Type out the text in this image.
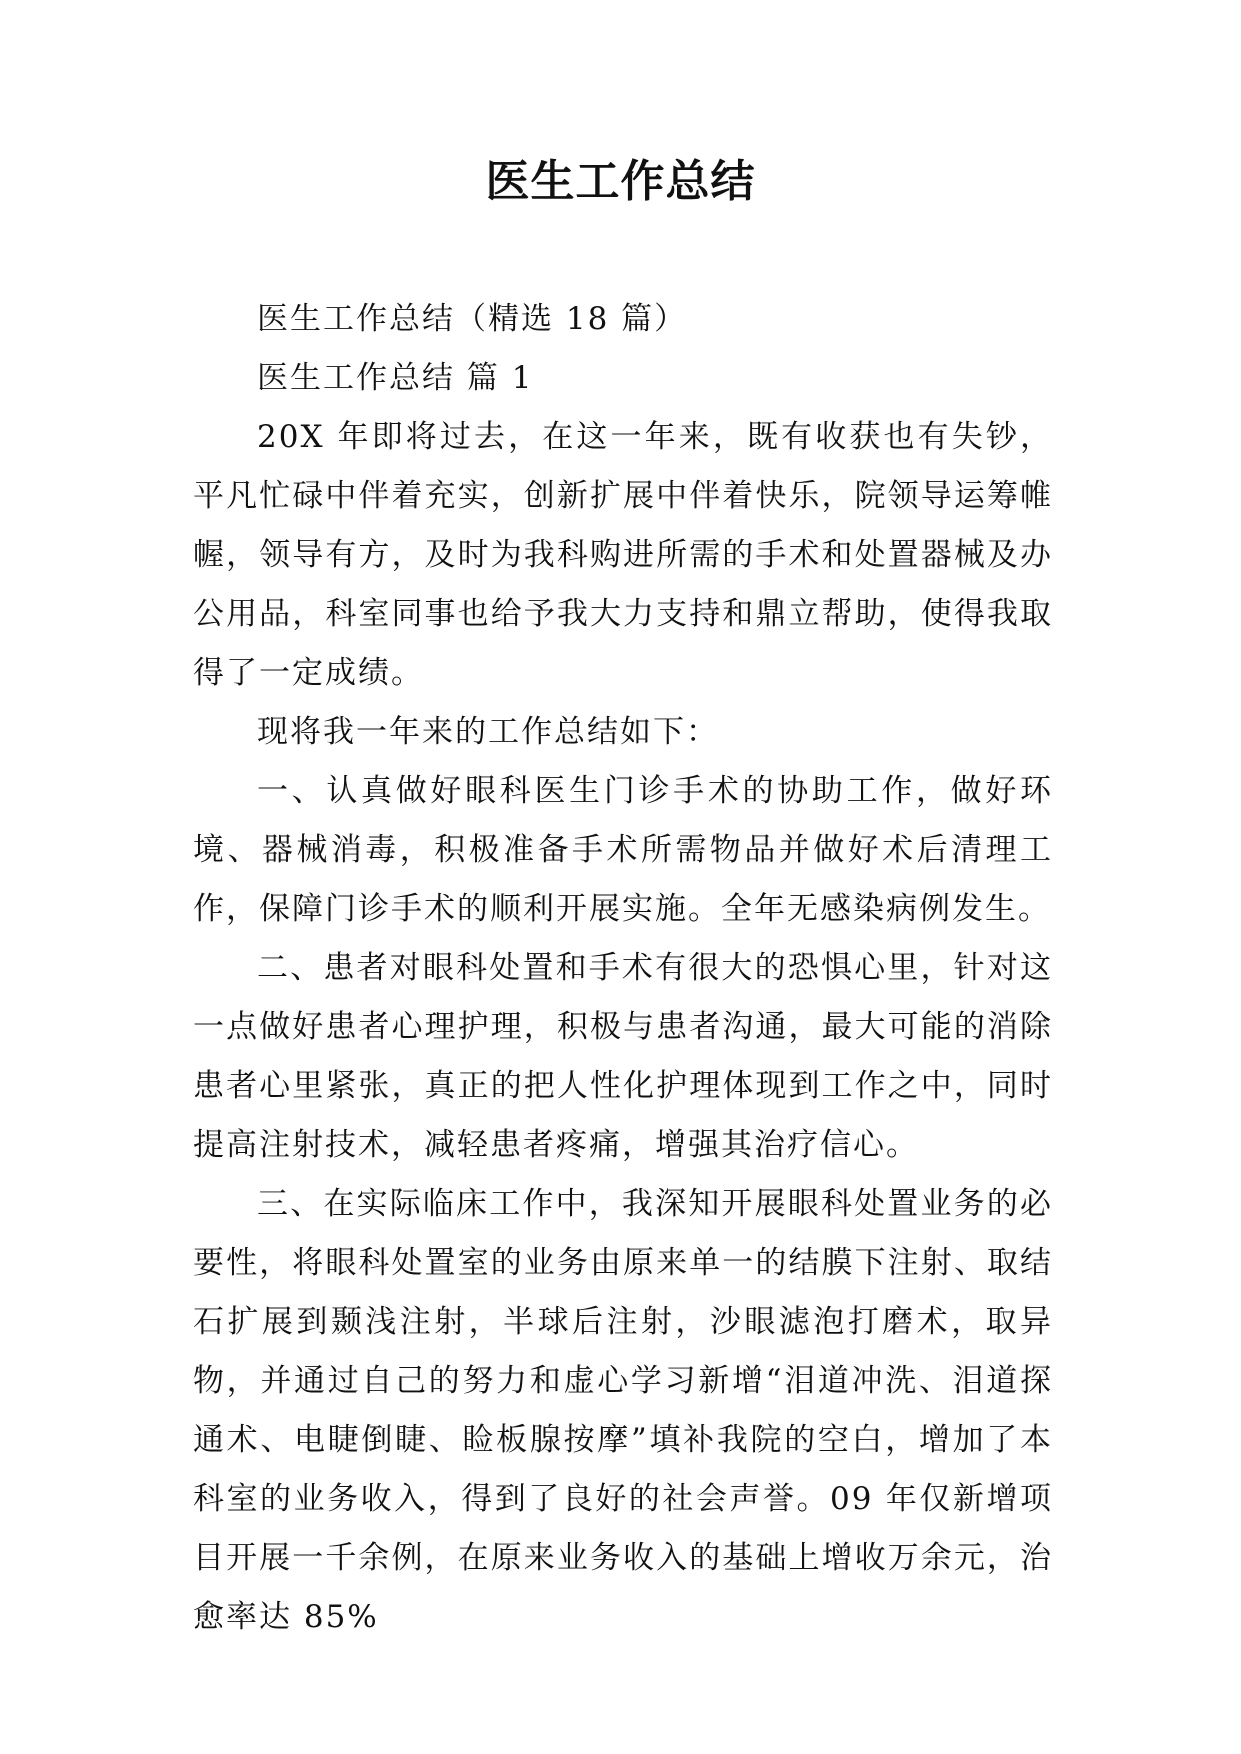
医生工作总结

医生工作总结（精选 18 篇）

医生工作总结 篇 1

20X 年即将过去，在这一年来，既有收获也有失钞，平凡忙碌中伴着充实，创新扩展中伴着快乐，院领导运筹帷幄，领导有方，及时为我科购进所需的手术和处置器械及办公用品，科室同事也给予我大力支持和鼎立帮助，使得我取得了一定成绩。

现将我一年来的工作总结如下：

一、认真做好眼科医生门诊手术的协助工作，做好环境、器械消毒，积极准备手术所需物品并做好术后清理工作，保障门诊手术的顺利开展实施。全年无感染病例发生。

二、患者对眼科处置和手术有很大的恐惧心里，针对这一点做好患者心理护理，积极与患者沟通，最大可能的消除患者心里紧张，真正的把人性化护理体现到工作之中，同时提高注射技术，减轻患者疼痛，增强其治疗信心。

三、在实际临床工作中，我深知开展眼科处置业务的必要性，将眼科处置室的业务由原来单一的结膜下注射、取结石扩展到颞浅注射，半球后注射，沙眼滤泡打磨术，取异物，并通过自己的努力和虚心学习新增“泪道冲洗、泪道探通术、电睫倒睫、睑板腺按摩”填补我院的空白，增加了本科室的业务收入，得到了良好的社会声誉。09 年仅新增项目开展一千余例，在原来业务收入的基础上增收万余元，治愈率达 85%
